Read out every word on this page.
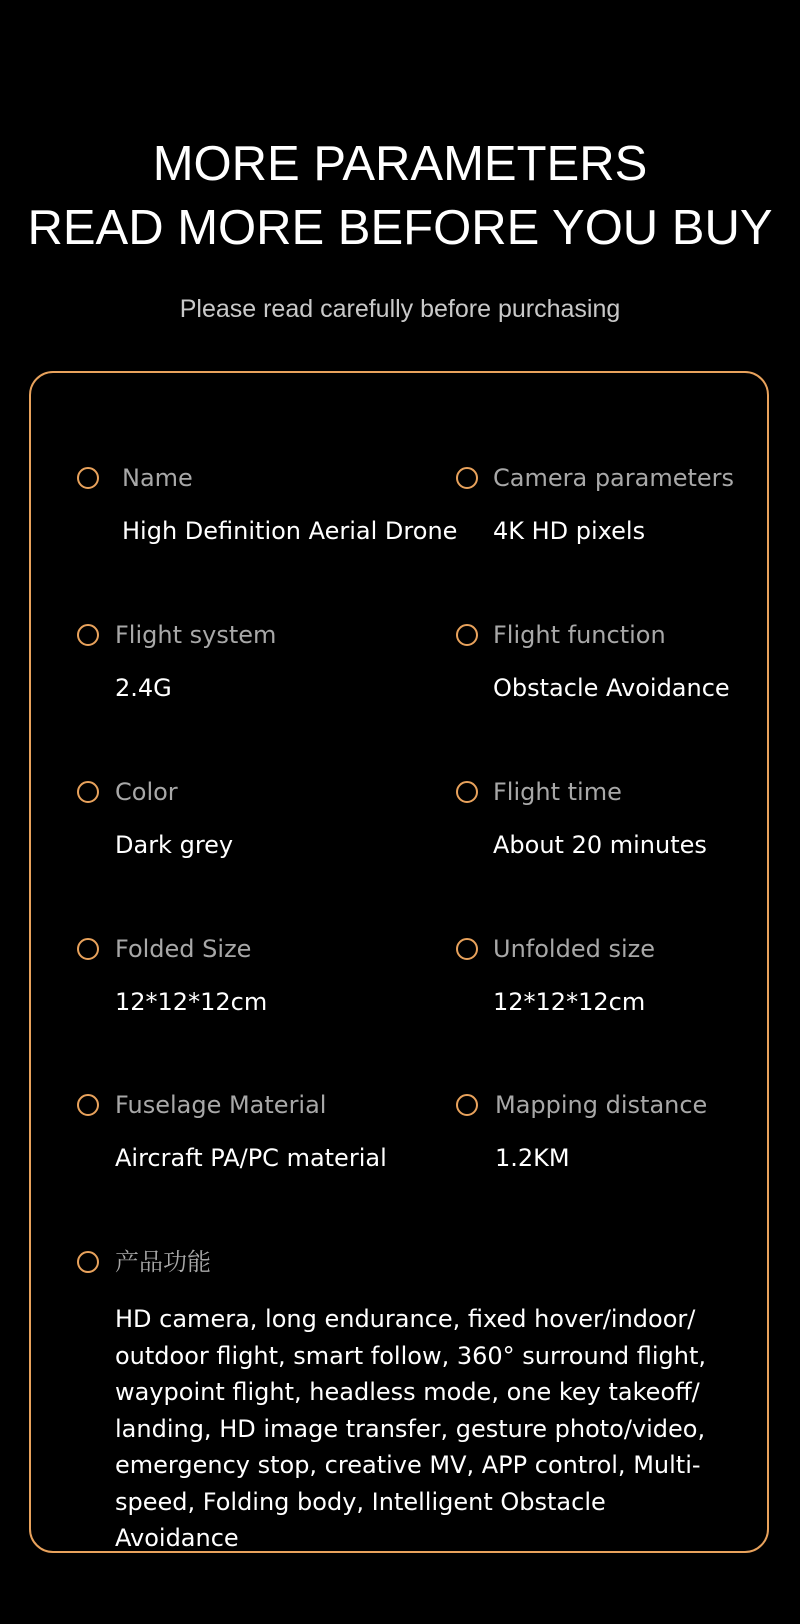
MORE PARAMETERS
READ MORE BEFORE YOU BUY
Please read carefully before purchasing
Name
High Definition Aerial Drone
Camera parameters
4K HD pixels
Flight system
2.4G
Flight function
Obstacle Avoidance
Color
Dark grey
Flight time
About 20 minutes
Folded Size
12*12*12cm
Unfolded size
12*12*12cm
Fuselage Material
Aircraft PA/PC material
Mapping distance
1.2KM
产品功能
HD camera, long endurance, fixed hover/indoor/ outdoor flight, smart follow, 360° surround flight, waypoint flight, headless mode, one key takeoff/ landing, HD image transfer, gesture photo/video, emergency stop, creative MV, APP control, Multi-speed, Folding body, Intelligent Obstacle Avoidance
